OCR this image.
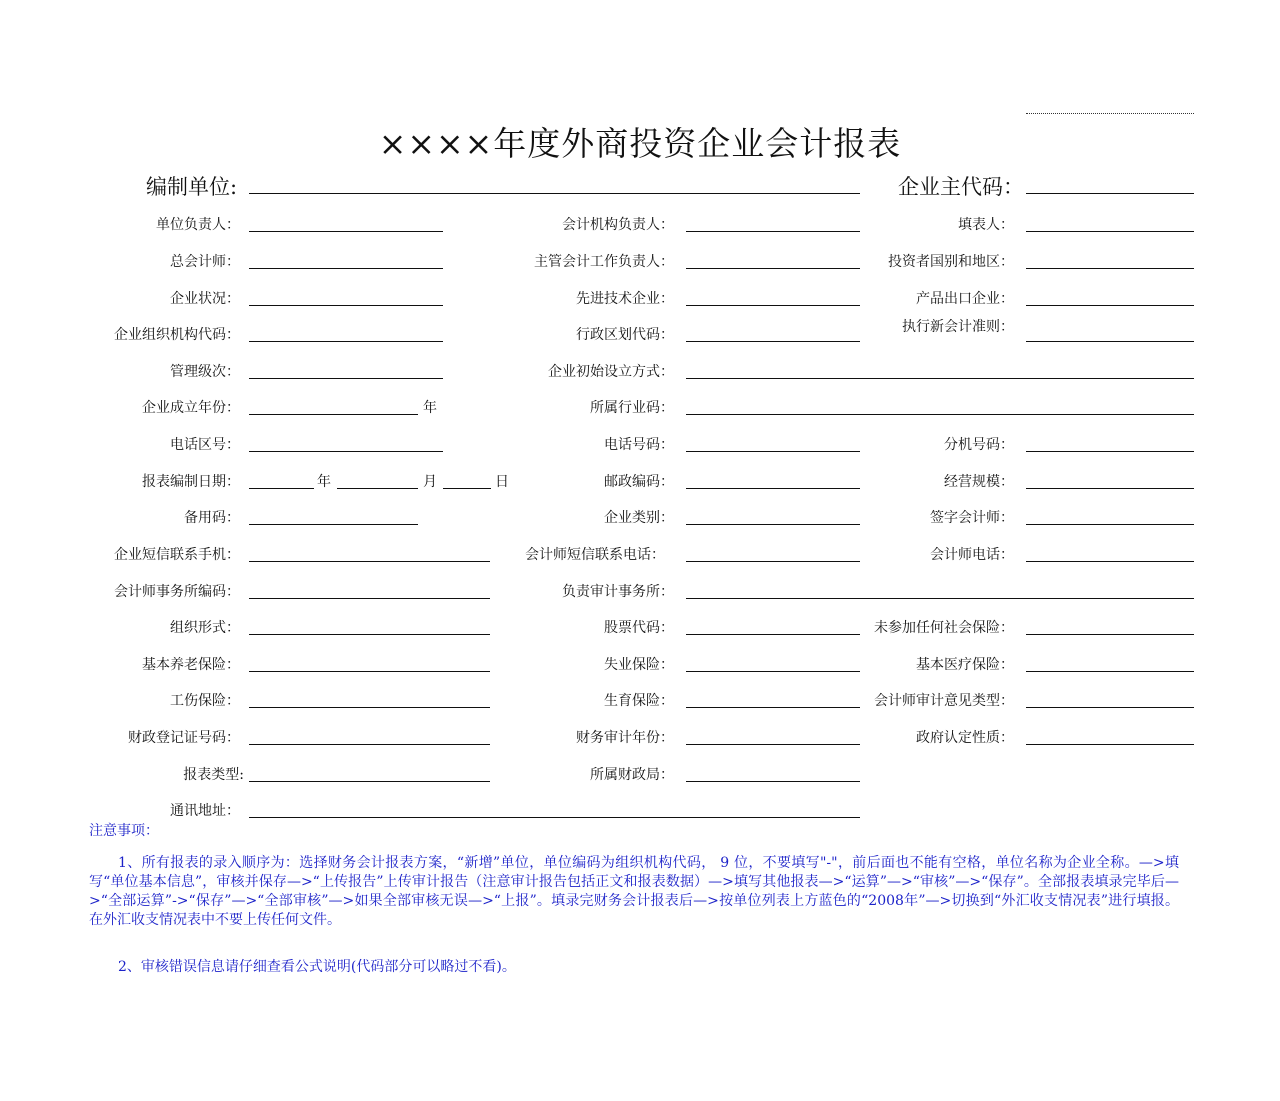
××××年度外商投资企业会计报表
编制单位:	企业主代码：
单位负责人：	会计机构负责人：	填表人：
总会计师：	主管会计工作负责人：	投资者国别和地区：
企业状况：	先进技术企业：	产品出口企业：
企业组织机构代码：	行政区划代码：	执行新会计准则：
管理级次：	企业初始设立方式：
企业成立年份：	年	所属行业码：
电话区号：	电话号码：	分机号码：
报表编制日期：	年	月	日	邮政编码：	经营规模：
备用码：	企业类别：	签字会计师：
企业短信联系手机：	会计师短信联系电话：	会计师电话：
会计师事务所编码：	负责审计事务所：
组织形式：	股票代码：	未参加任何社会保险：
基本养老保险：	失业保险：	基本医疗保险：
工伤保险：	生育保险：	会计师审计意见类型：
财政登记证号码：	财务审计年份：	政府认定性质：
报表类型:	所属财政局：
通讯地址：
注意事项：

1、所有报表的录入顺序为：选择财务会计报表方案，“新增”单位，单位编码为组织机构代码， 9 位，不要填写"-"，前后面也不能有空格，单位名称为企业全称。—>填写“单位基本信息”，审核并保存—>“上传报告”上传审计报告（注意审计报告包括正文和报表数据）—>填写其他报表—>“运算”—>“审核”—>“保存”。全部报表填录完毕后—>“全部运算”->“保存”—>“全部审核”—>如果全部审核无误—>“上报”。填录完财务会计报表后—>按单位列表上方蓝色的“2008年”—>切换到“外汇收支情况表”进行填报。在外汇收支情况表中不要上传任何文件。

2、审核错误信息请仔细查看公式说明(代码部分可以略过不看)。
